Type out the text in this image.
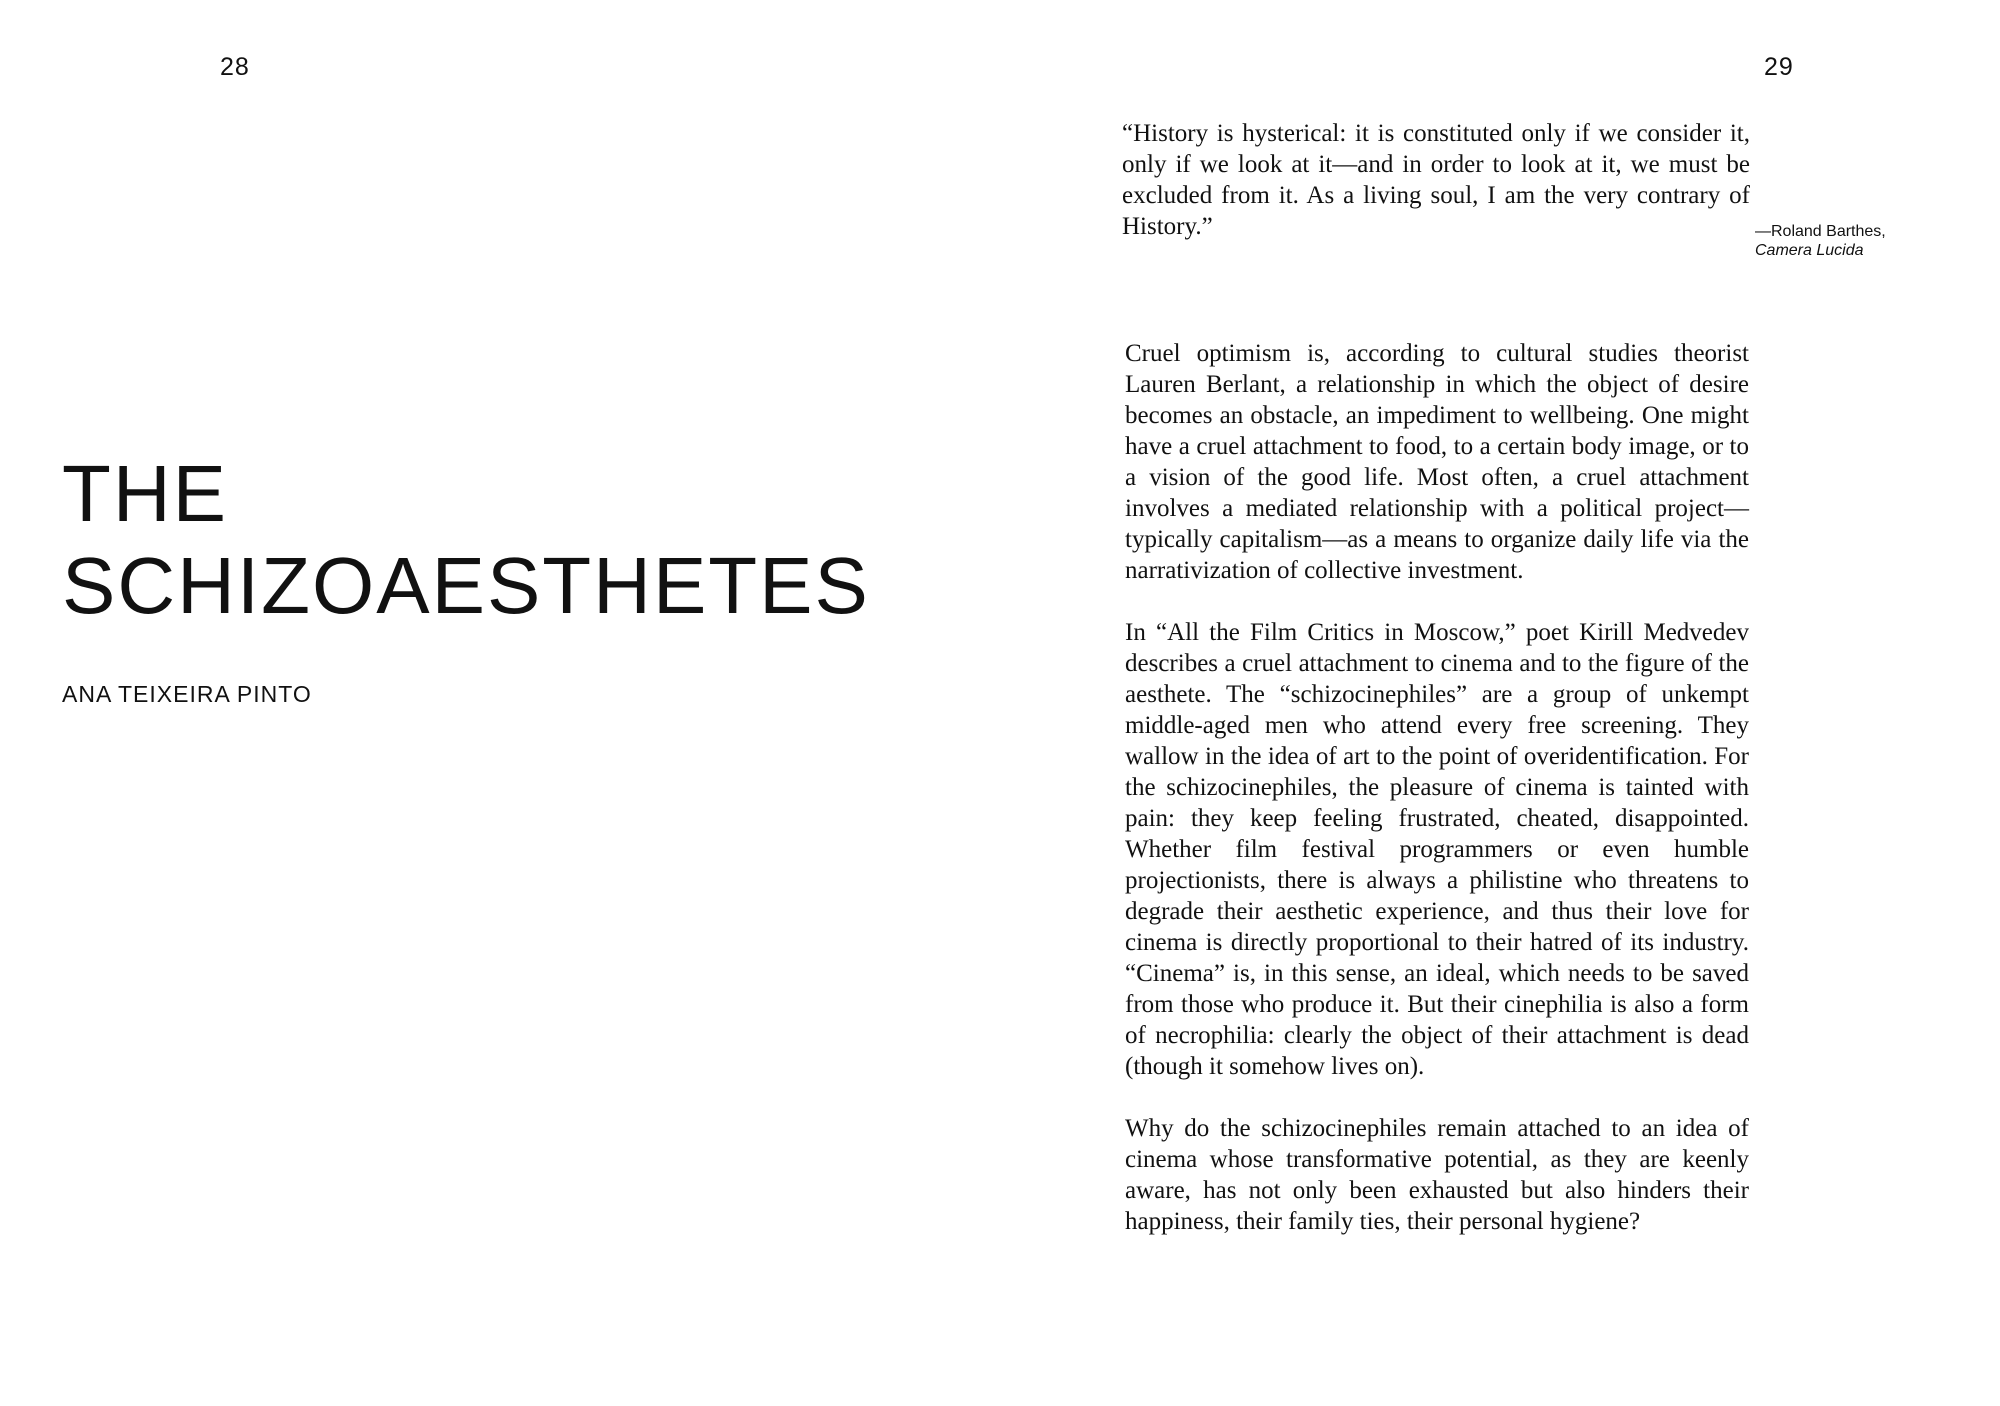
28
THE
SCHIZOAESTHETES
ANA TEIXEIRA PINTO
29

“History is hysterical: it is constituted only if we consider it, only if we look at it—and in order to look at it, we must be excluded from it. As a living soul, I am the very contrary of History.”	—Roland Barthes,
Camera Lucida

Cruel optimism is, according to cultural studies theorist Lauren Berlant, a relationship in which the object of desire becomes an obstacle, an impediment to wellbeing. One might have a cruel attachment to food, to a certain body image, or to a vision of the good life. Most often, a cruel attachment involves a mediated relationship with a political project—typically capitalism—as a means to organize daily life via the narrativization of collective investment.

In “All the Film Critics in Moscow,” poet Kirill Medvedev describes a cruel attachment to cinema and to the figure of the aesthete. The “schizocinephiles” are a group of unkempt middle-aged men who attend every free screening. They wallow in the idea of art to the point of overidentification. For the schizocinephiles, the pleasure of cinema is tainted with pain: they keep feeling frustrated, cheated, disappointed. Whether film festival programmers or even humble projectionists, there is always a philistine who threatens to degrade their aesthetic experience, and thus their love for cinema is directly proportional to their hatred of its industry. “Cinema” is, in this sense, an ideal, which needs to be saved from those who produce it. But their cinephilia is also a form of necrophilia: clearly the object of their attachment is dead (though it somehow lives on).

Why do the schizocinephiles remain attached to an idea of cinema whose transformative potential, as they are keenly aware, has not only been exhausted but also hinders their happiness, their family ties, their personal hygiene?
